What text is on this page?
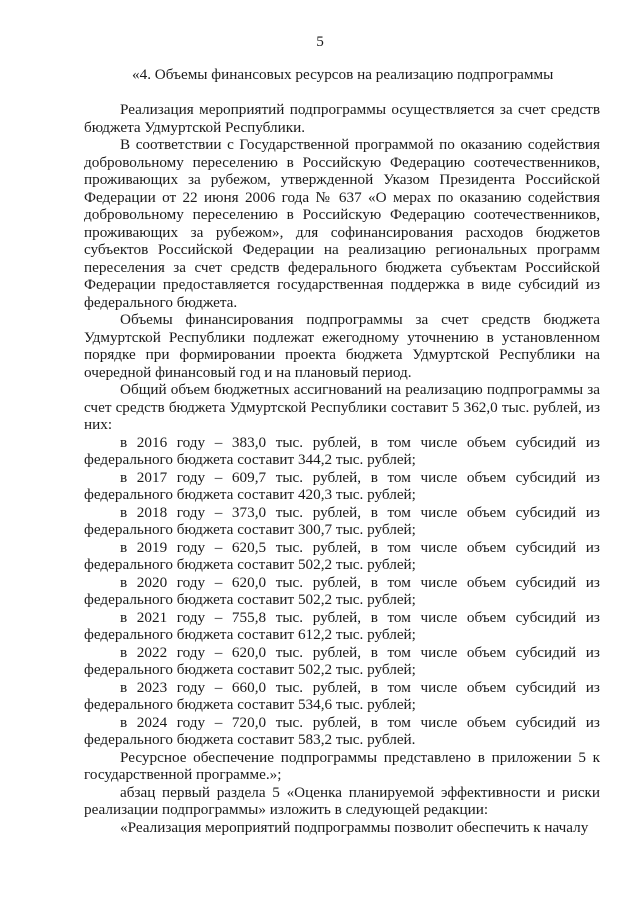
5
«4. Объемы финансовых ресурсов на реализацию подпрограммы

Реализация мероприятий подпрограммы осуществляется за счет средств бюджета Удмуртской Республики.

В соответствии с Государственной программой по оказанию содействия добровольному переселению в Российскую Федерацию соотечественников, проживающих за рубежом, утвержденной Указом Президента Российской Федерации от 22 июня 2006 года № 637 «О мерах по оказанию содействия добровольному переселению в Российскую Федерацию соотечественников, проживающих за рубежом», для софинансирования расходов бюджетов субъектов Российской Федерации на реализацию региональных программ переселения за счет средств федерального бюджета субъектам Российской Федерации предоставляется государственная поддержка в виде субсидий из федерального бюджета.

Объемы финансирования подпрограммы за счет средств бюджета Удмуртской Республики подлежат ежегодному уточнению в установленном порядке при формировании проекта бюджета Удмуртской Республики на очередной финансовый год и на плановый период.

Общий объем бюджетных ассигнований на реализацию подпрограммы за счет средств бюджета Удмуртской Республики составит 5 362,0 тыс. рублей, из них:

в 2016 году – 383,0 тыс. рублей, в том числе объем субсидий из

федерального бюджета составит 344,2 тыс. рублей;

в 2017 году – 609,7 тыс. рублей, в том числе объем субсидий из

федерального бюджета составит 420,3 тыс. рублей;

в 2018 году – 373,0 тыс. рублей, в том числе объем субсидий из

федерального бюджета составит 300,7 тыс. рублей;

в 2019 году – 620,5 тыс. рублей, в том числе объем субсидий из

федерального бюджета составит 502,2 тыс. рублей;

в 2020 году – 620,0 тыс. рублей, в том числе объем субсидий из

федерального бюджета составит 502,2 тыс. рублей;

в 2021 году – 755,8 тыс. рублей, в том числе объем субсидий из

федерального бюджета составит 612,2 тыс. рублей;

в 2022 году – 620,0 тыс. рублей, в том числе объем субсидий из

федерального бюджета составит 502,2 тыс. рублей;

в 2023 году – 660,0 тыс. рублей, в том числе объем субсидий из

федерального бюджета составит 534,6 тыс. рублей;

в 2024 году – 720,0 тыс. рублей, в том числе объем субсидий из

федерального бюджета составит 583,2 тыс. рублей.

Ресурсное обеспечение подпрограммы представлено в приложении 5 к государственной программе.»;

абзац первый раздела 5 «Оценка планируемой эффективности и риски реализации подпрограммы» изложить в следующей редакции:

«Реализация мероприятий подпрограммы позволит обеспечить к началу
